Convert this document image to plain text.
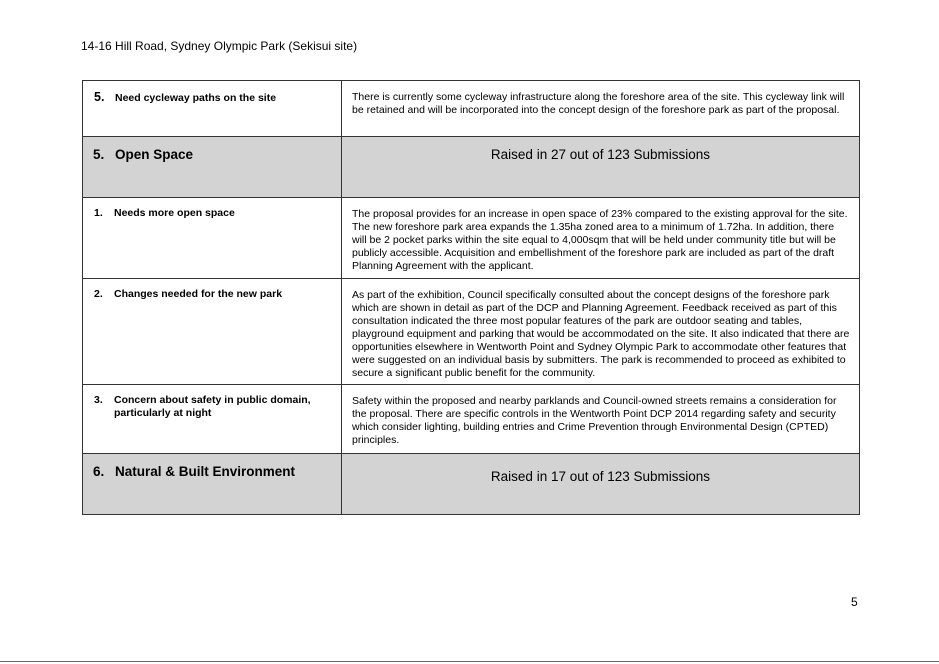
14-16 Hill Road, Sydney Olympic Park (Sekisui site)
5. Need cycleway paths on the site	There is currently some cycleway infrastructure along the foreshore area of the site. This cycleway link will be retained and will be incorporated into the concept design of the foreshore park as part of the proposal.

5. Open Space	Raised in 27 out of 123 Submissions

1. Needs more open space	The proposal provides for an increase in open space of 23% compared to the existing approval for the site. The new foreshore park area expands the 1.35ha zoned area to a minimum of 1.72ha. In addition, there will be 2 pocket parks within the site equal to 4,000sqm that will be held under community title but will be publicly accessible. Acquisition and embellishment of the foreshore park are included as part of the draft Planning Agreement with the applicant.

2. Changes needed for the new park	As part of the exhibition, Council specifically consulted about the concept designs of the foreshore park which are shown in detail as part of the DCP and Planning Agreement. Feedback received as part of this consultation indicated the three most popular features of the park are outdoor seating and tables, playground equipment and parking that would be accommodated on the site. It also indicated that there are opportunities elsewhere in Wentworth Point and Sydney Olympic Park to accommodate other features that were suggested on an individual basis by submitters. The park is recommended to proceed as exhibited to secure a significant public benefit for the community.

3. Concern about safety in public domain, particularly at night	Safety within the proposed and nearby parklands and Council-owned streets remains a consideration for the proposal. There are specific controls in the Wentworth Point DCP 2014 regarding safety and security which consider lighting, building entries and Crime Prevention through Environmental Design (CPTED) principles.

6. Natural & Built Environment	Raised in 17 out of 123 Submissions
5
